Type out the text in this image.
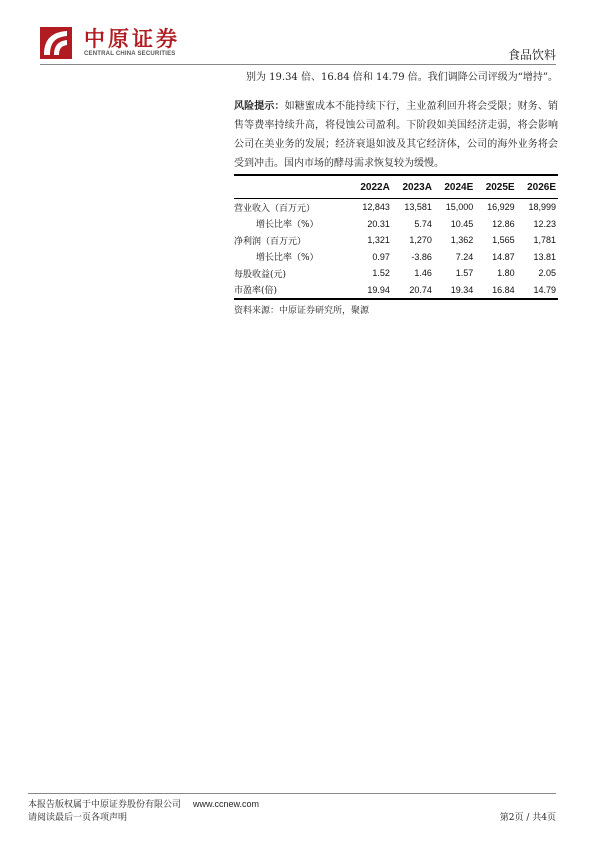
中原证券
CENTRAL CHINA SECURITIES	食品饮料
别为 19.34 倍、16.84 倍和 14.79 倍。我们调降公司评级为“增持”。
风险提示：如糖蜜成本不能持续下行，主业盈利回升将会受限；财务、销售等费率持续升高，将侵蚀公司盈利。下阶段如美国经济走弱，将会影响公司在美业务的发展；经济衰退如波及其它经济体，公司的海外业务将会受到冲击。国内市场的酵母需求恢复较为缓慢。
	2022A	2023A	2024E	2025E	2026E
营业收入（百万元）	12,843	13,581	15,000	16,929	18,999
增长比率（%）	20.31	5.74	10.45	12.86	12.23
净利润（百万元）	1,321	1,270	1,362	1,565	1,781
增长比率（%）	0.97	-3.86	7.24	14.87	13.81
每股收益(元)	1.52	1.46	1.57	1.80	2.05
市盈率(倍)	19.94	20.74	19.34	16.84	14.79
资料来源：中原证券研究所，聚源
本报告版权属于中原证券股份有限公司 www.ccnew.com
请阅读最后一页各项声明	第2页 / 共4页
